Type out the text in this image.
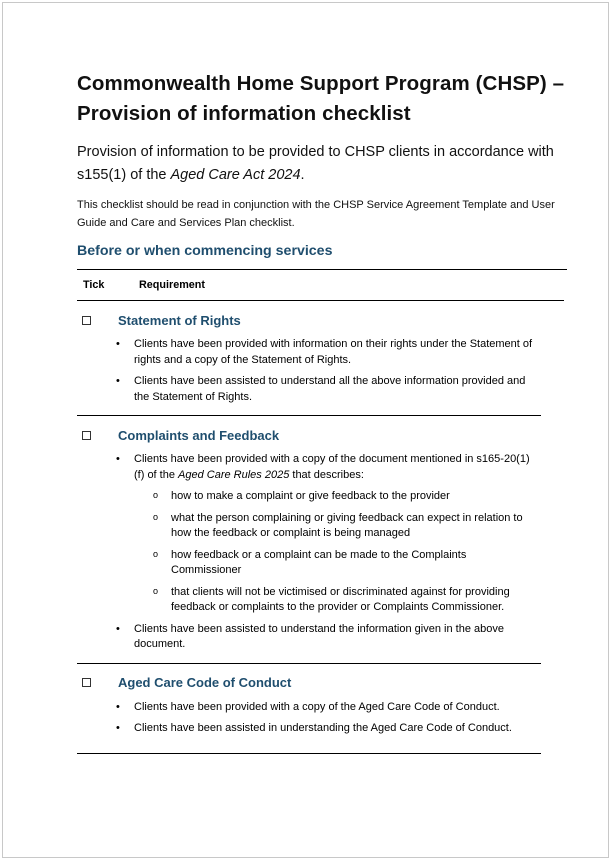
Commonwealth Home Support Program (CHSP) – Provision of information checklist

Provision of information to be provided to CHSP clients in accordance with s155(1) of the Aged Care Act 2024.

This checklist should be read in conjunction with the CHSP Service Agreement Template and User Guide and Care and Services Plan checklist.

Before or when commencing services
Tick	Requirement
Statement of Rights
• Clients have been provided with information on their rights under the Statement of rights and a copy of the Statement of Rights.
• Clients have been assisted to understand all the above information provided and the Statement of Rights.
Complaints and Feedback
• Clients have been provided with a copy of the document mentioned in s165-20(1)(f) of the Aged Care Rules 2025 that describes:
o how to make a complaint or give feedback to the provider
o what the person complaining or giving feedback can expect in relation to how the feedback or complaint is being managed
o how feedback or a complaint can be made to the Complaints Commissioner
o that clients will not be victimised or discriminated against for providing feedback or complaints to the provider or Complaints Commissioner.
• Clients have been assisted to understand the information given in the above document.
Aged Care Code of Conduct
• Clients have been provided with a copy of the Aged Care Code of Conduct.
• Clients have been assisted in understanding the Aged Care Code of Conduct.
